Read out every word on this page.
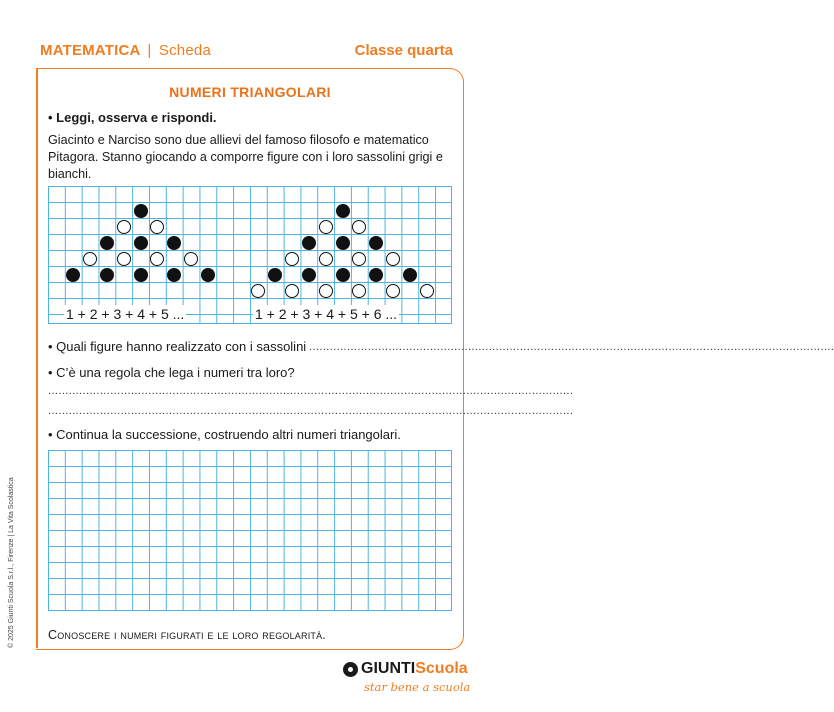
MATEMATICA | Scheda	Classe quarta
NUMERI TRIANGOLARI
• Leggi, osserva e rispondi.
Giacinto e Narciso sono due allievi del famoso filosofo e matematico Pitagora. Stanno giocando a comporre figure con i loro sassolini grigi e bianchi.
1 + 2 + 3 + 4 + 5 ...	1 + 2 + 3 + 4 + 5 + 6 ...
• Quali figure hanno realizzato con i sassolini ........................................................................................................................................................
• C’è una regola che lega i numeri tra loro?
........................................................................................................................................................
........................................................................................................................................................
• Continua la successione, costruendo altri numeri triangolari.
Conoscere i numeri figurati e le loro regolarità.
© 2025 Giunti Scuola S.r.l., Firenze | La Vita Scolastica
GIUNTIScuola
star bene a scuola
